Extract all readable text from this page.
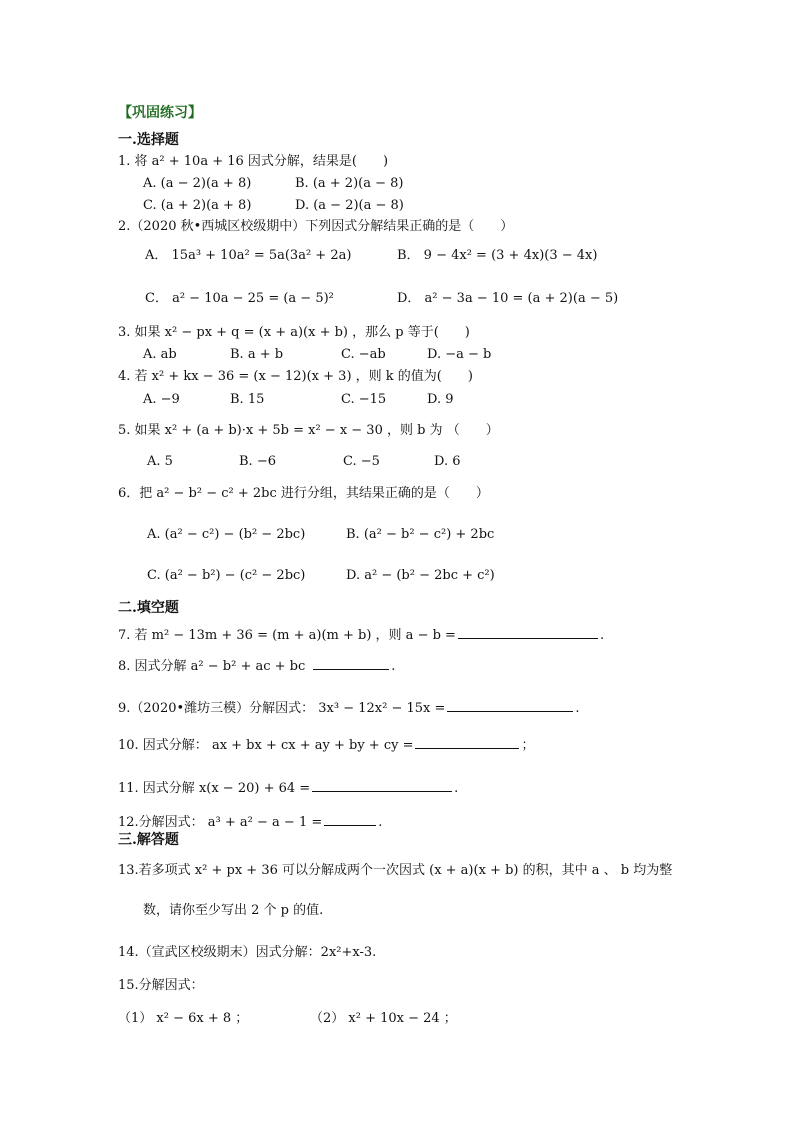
【巩固练习】
一.选择题
1. 将 a² + 10a + 16 因式分解，结果是(　　)
A. (a − 2)(a + 8)	B. (a + 2)(a − 8)
C. (a + 2)(a + 8)	D. (a − 2)(a − 8)
2.（2020 秋•西城区校级期中）下列因式分解结果正确的是（　　）
A． 15a³ + 10a² = 5a(3a² + 2a)	B． 9 − 4x² = (3 + 4x)(3 − 4x)
C． a² − 10a − 25 = (a − 5)²	D． a² − 3a − 10 = (a + 2)(a − 5)
3. 如果 x² − px + q = (x + a)(x + b) ，那么 p 等于(　　)
A. ab	B. a + b	C. −ab	D. −a − b
4. 若 x² + kx − 36 = (x − 12)(x + 3) ，则 k 的值为(　　)
A. −9	B. 15	C. −15	D. 9
5. 如果 x² + (a + b)·x + 5b = x² − x − 30 ，则 b 为 （　　）
A. 5	B. −6	C. −5	D. 6
6．把 a² − b² − c² + 2bc 进行分组，其结果正确的是（　　）
A. (a² − c²) − (b² − 2bc)	B. (a² − b² − c²) + 2bc
C. (a² − b²) − (c² − 2bc)	D. a² − (b² − 2bc + c²)
二.填空题
7. 若 m² − 13m + 36 = (m + a)(m + b) ，则 a − b =	.
8. 因式分解 a² − b² + ac + bc	.
9.（2020•潍坊三模）分解因式： 3x³ − 12x² − 15x =	.
10. 因式分解： ax + bx + cx + ay + by + cy =	；
11. 因式分解 x(x − 20) + 64 =	.
12.分解因式： a³ + a² − a − 1 =	.
三.解答题
13.若多项式 x² + px + 36 可以分解成两个一次因式 (x + a)(x + b) 的积，其中 a 、 b 均为整
数，请你至少写出 2 个 p 的值.
14.（宣武区校级期末）因式分解：2x²+x-3.
15.分解因式：
（1） x² − 6x + 8 ；	（2） x² + 10x − 24 ；
